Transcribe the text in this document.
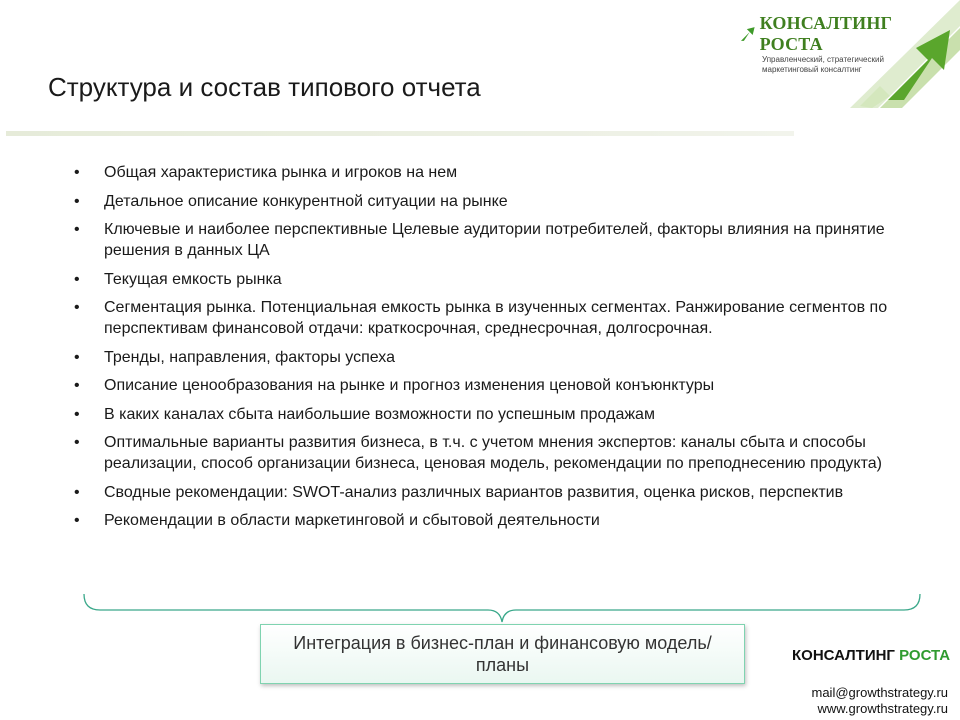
КОНСАЛТИНГ РОСТА
Управленческий, стратегический
маркетинговый консалтинг
Структура и состав типового отчета
• Общая характеристика рынка и игроков на нем
• Детальное описание конкурентной ситуации на рынке
• Ключевые и наиболее перспективные Целевые аудитории потребителей, факторы влияния на принятие решения в данных ЦА
• Текущая емкость рынка
• Сегментация рынка. Потенциальная емкость рынка в изученных сегментах. Ранжирование сегментов по перспективам финансовой отдачи: краткосрочная, среднесрочная, долгосрочная.
• Тренды, направления, факторы успеха
• Описание ценообразования на рынке и прогноз изменения ценовой конъюнктуры
• В каких каналах сбыта наибольшие возможности по успешным продажам
• Оптимальные варианты развития бизнеса, в т.ч. с учетом мнения экспертов: каналы сбыта и способы реализации, способ организации бизнеса, ценовая модель, рекомендации по преподнесению продукта)
• Сводные рекомендации: SWOT-анализ различных вариантов развития, оценка рисков, перспектив
• Рекомендации в области маркетинговой и сбытовой деятельности
Интеграция в бизнес-план и финансовую модель/планы	КОНСАЛТИНГ РОСТА
mail@growthstrategy.ru
www.growthstrategy.ru
